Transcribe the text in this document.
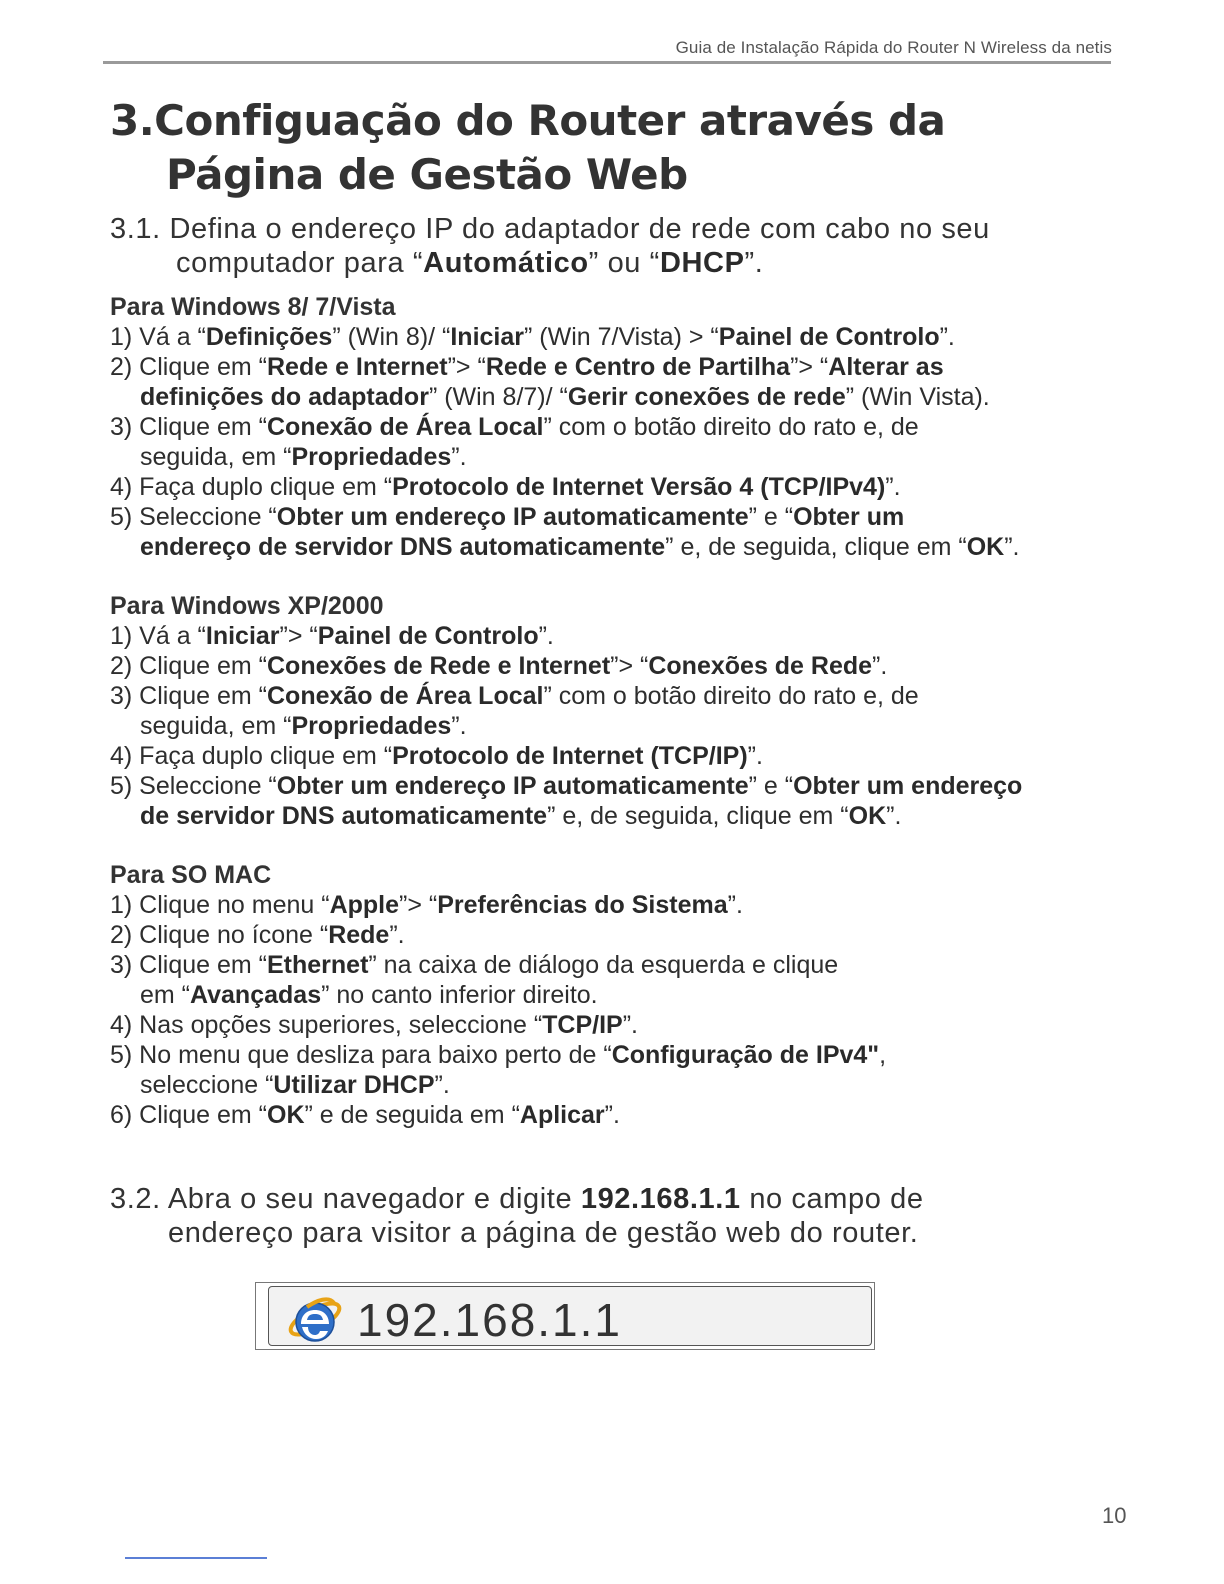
Guia de Instalação Rápida do Router N Wireless da netis
3.Configuação do Router através da
Página de Gestão Web
3.1. Defina o endereço IP do adaptador de rede com cabo no seu
computador para “Automático” ou “DHCP”.
Para Windows 8/ 7/Vista

1) Vá a “Definições” (Win 8)/ “Iniciar” (Win 7/Vista) > “Painel de Controlo”.

2) Clique em “Rede e Internet”> “Rede e Centro de Partilha”> “Alterar as
definições do adaptador” (Win 8/7)/ “Gerir conexões de rede” (Win Vista).

3) Clique em “Conexão de Área Local” com o botão direito do rato e, de
seguida, em “Propriedades”.

4) Faça duplo clique em “Protocolo de Internet Versão 4 (TCP/IPv4)”.

5) Seleccione “Obter um endereço IP automaticamente” e “Obter um
endereço de servidor DNS automaticamente” e, de seguida, clique em “OK”.

Para Windows XP/2000

1) Vá a “Iniciar”> “Painel de Controlo”.

2) Clique em “Conexões de Rede e Internet”> “Conexões de Rede”.

3) Clique em “Conexão de Área Local” com o botão direito do rato e, de
seguida, em “Propriedades”.

4) Faça duplo clique em “Protocolo de Internet (TCP/IP)”.

5) Seleccione “Obter um endereço IP automaticamente” e “Obter um endereço
de servidor DNS automaticamente” e, de seguida, clique em “OK”.

Para SO MAC

1) Clique no menu “Apple”> “Preferências do Sistema”.

2) Clique no ícone “Rede”.

3) Clique em “Ethernet” na caixa de diálogo da esquerda e clique
em “Avançadas” no canto inferior direito.

4) Nas opções superiores, seleccione “TCP/IP”.

5) No menu que desliza para baixo perto de “Configuração de IPv4",
seleccione “Utilizar DHCP”.

6) Clique em “OK” e de seguida em “Aplicar”.

3.2. Abra o seu navegador e digite 192.168.1.1 no campo de
endereço para visitor a página de gestão web do router.
192.168.1.1
10
